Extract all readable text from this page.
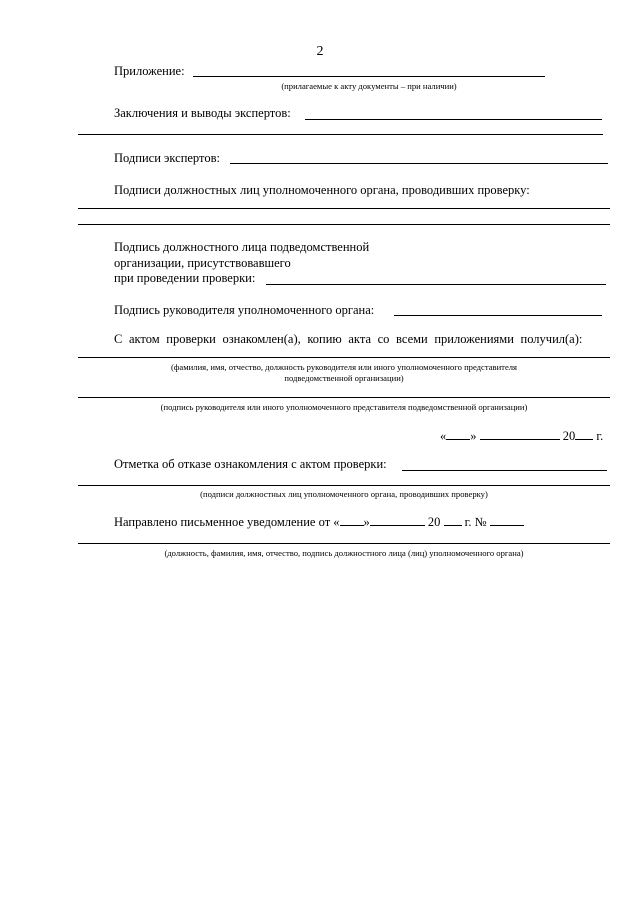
2
Приложение:
(прилагаемые к акту документы – при наличии)
Заключения и выводы экспертов:
Подписи экспертов:
Подписи должностных лиц уполномоченного органа, проводивших проверку:
Подпись должностного лица подведомственной
организации, присутствовавшего
при проведении проверки:
Подпись руководителя уполномоченного органа:
С актом проверки ознакомлен(а), копию акта со всеми приложениями получил(а):
(фамилия, имя, отчество, должность руководителя или иного уполномоченного представителя
подведомственной организации)
(подпись руководителя или иного уполномоченного представителя подведомственной организации)
« »	20 г.
Отметка об отказе ознакомления с актом проверки:
(подписи должностных лиц уполномоченного органа, проводивших проверку)
Направлено письменное уведомление от « »	20 г. №
(должность, фамилия, имя, отчество, подпись должностного лица (лиц) уполномоченного органа)
